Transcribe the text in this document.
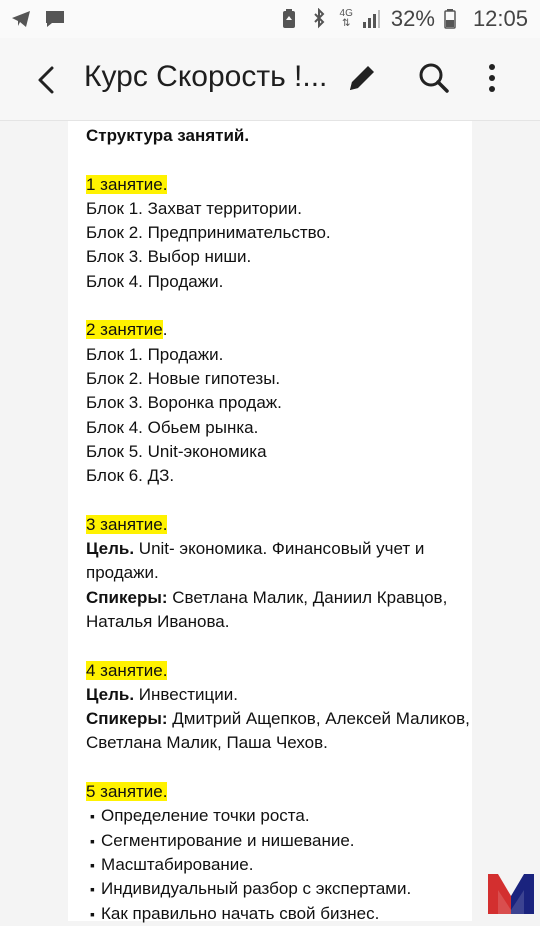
4G
⇅ 32% 12:05
Курс Скорость !...

Структура занятий.

1 занятие.

Блок 1. Захват территории.

Блок 2. Предпринимательство.

Блок 3. Выбор ниши.

Блок 4. Продажи.

2 занятие.

Блок 1. Продажи.

Блок 2. Новые гипотезы.

Блок 3. Воронка продаж.

Блок 4. Обьем рынка.

Блок 5. Unit-экономика

Блок 6. ДЗ.

3 занятие.

Цель. Unit- экономика. Финансовый учет и продажи.

Спикеры: Светлана Малик, Даниил Кравцов, Наталья Иванова.

4 занятие.

Цель. Инвестиции.

Спикеры: Дмитрий Ащепков, Алексей Маликов, Светлана Малик, Паша Чехов.

5 занятие.

▪ Определение точки роста.

▪ Сегментирование и нишевание.

▪ Масштабирование.

▪ Индивидуальный разбор с экспертами.

▪ Как правильно начать свой бизнес.
